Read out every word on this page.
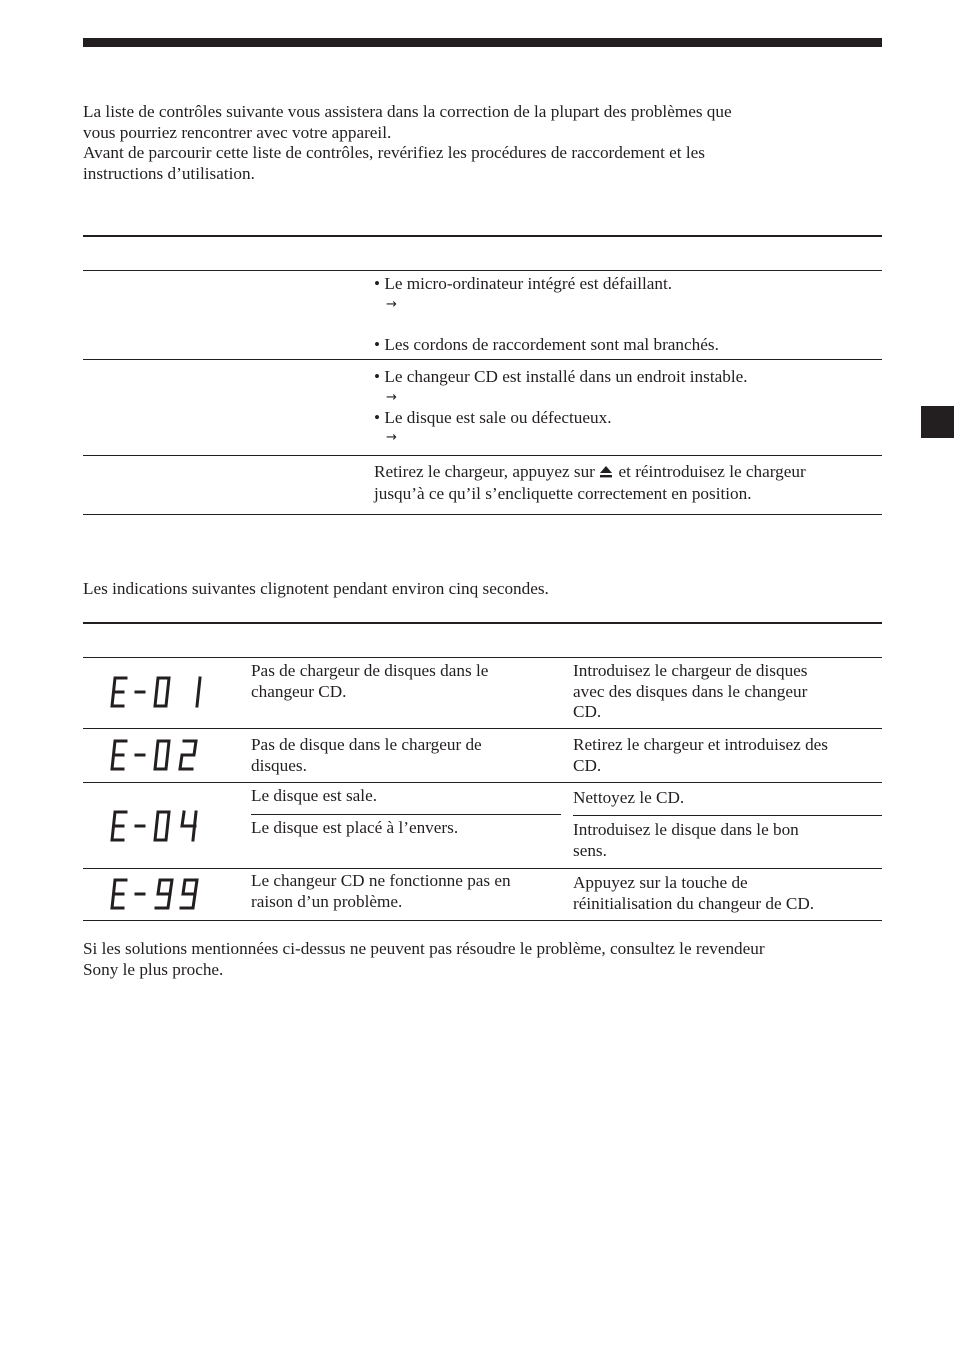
La liste de contrôles suivante vous assistera dans la correction de la plupart des problèmes que
vous pourriez rencontrer avec votre appareil.
Avant de parcourir cette liste de contrôles, revérifiez les procédures de raccordement et les
instructions d’utilisation.
• Le micro-ordinateur intégré est défaillant.
→
• Les cordons de raccordement sont mal branchés.
• Le changeur CD est installé dans un endroit instable.
→
• Le disque est sale ou défectueux.
→
Retirez le chargeur, appuyez sur  et réintroduisez le chargeur
jusqu’à ce qu’il s’encliquette correctement en position.
Les indications suivantes clignotent pendant environ cinq secondes.
Pas de chargeur de disques dans le
changeur CD.
Introduisez le chargeur de disques
avec des disques dans le changeur
CD.
Pas de disque dans le chargeur de
disques.
Retirez le chargeur et introduisez des
CD.
Le disque est sale.	Nettoyez le CD.
Le disque est placé à l’envers.	Introduisez le disque dans le bon
sens.
Le changeur CD ne fonctionne pas en
raison d’un problème.
Appuyez sur la touche de
réinitialisation du changeur de CD.
Si les solutions mentionnées ci-dessus ne peuvent pas résoudre le problème, consultez le revendeur
Sony le plus proche.
